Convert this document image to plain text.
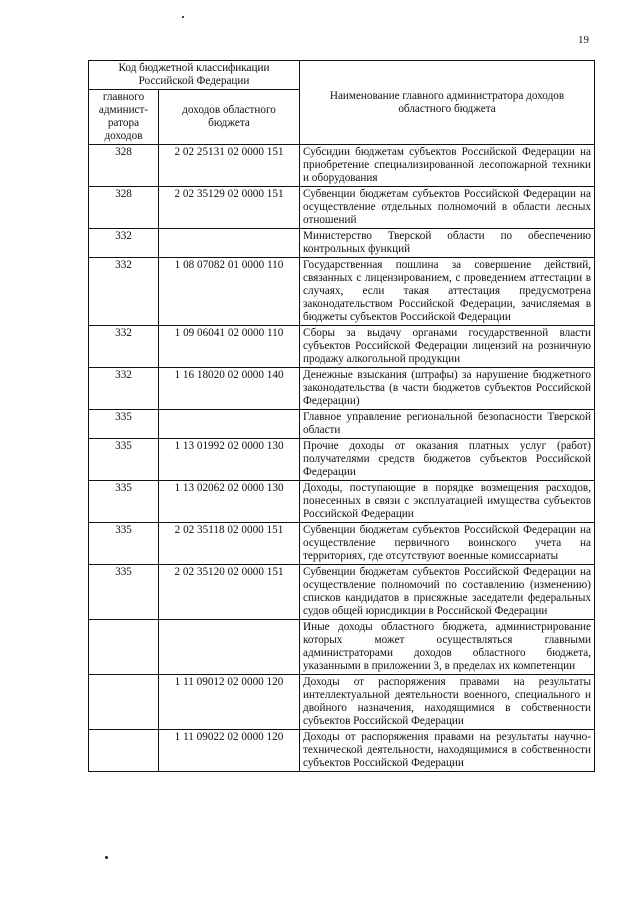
19
Код бюджетной классификации Российской Федерации		Наименование главного администратора доходов областного бюджета
главного админист-ратора доходов	доходов областного бюджета	
328	2 02 25131 02 0000 151	Субсидии бюджетам субъектов Российской Федерации на приобретение специализированной лесопожарной техники и оборудования
328	2 02 35129 02 0000 151	Субвенции бюджетам субъектов Российской Федерации на осуществление отдельных полномочий в области лесных отношений
332		Министерство Тверской области по обеспечению контрольных функций
332	1 08 07082 01 0000 110	Государственная пошлина за совершение действий, связанных с лицензированием, с проведением аттестации в случаях, если такая аттестация предусмотрена законодательством Российской Федерации, зачисляемая в бюджеты субъектов Российской Федерации
332	1 09 06041 02 0000 110	Сборы за выдачу органами государственной власти субъектов Российской Федерации лицензий на розничную продажу алкогольной продукции
332	1 16 18020 02 0000 140	Денежные взыскания (штрафы) за нарушение бюджетного законодательства (в части бюджетов субъектов Российской Федерации)
335		Главное управление региональной безопасности Тверской области
335	1 13 01992 02 0000 130	Прочие доходы от оказания платных услуг (работ) получателями средств бюджетов субъектов Российской Федерации
335	1 13 02062 02 0000 130	Доходы, поступающие в порядке возмещения расходов, понесенных в связи с эксплуатацией имущества субъектов Российской Федерации
335	2 02 35118 02 0000 151	Субвенции бюджетам субъектов Российской Федерации на осуществление первичного воинского учета на территориях, где отсутствуют военные комиссариаты
335	2 02 35120 02 0000 151	Субвенции бюджетам субъектов Российской Федерации на осуществление полномочий по составлению (изменению) списков кандидатов в присяжные заседатели федеральных судов общей юрисдикции в Российской Федерации
		Иные доходы областного бюджета, администрирование которых может осуществляться главными администраторами доходов областного бюджета, указанными в приложении 3, в пределах их компетенции
	1 11 09012 02 0000 120	Доходы от распоряжения правами на результаты интеллектуальной деятельности военного, специального и двойного назначения, находящимися в собственности субъектов Российской Федерации
	1 11 09022 02 0000 120	Доходы от распоряжения правами на результаты научно-технической деятельности, находящимися в собственности субъектов Российской Федерации
